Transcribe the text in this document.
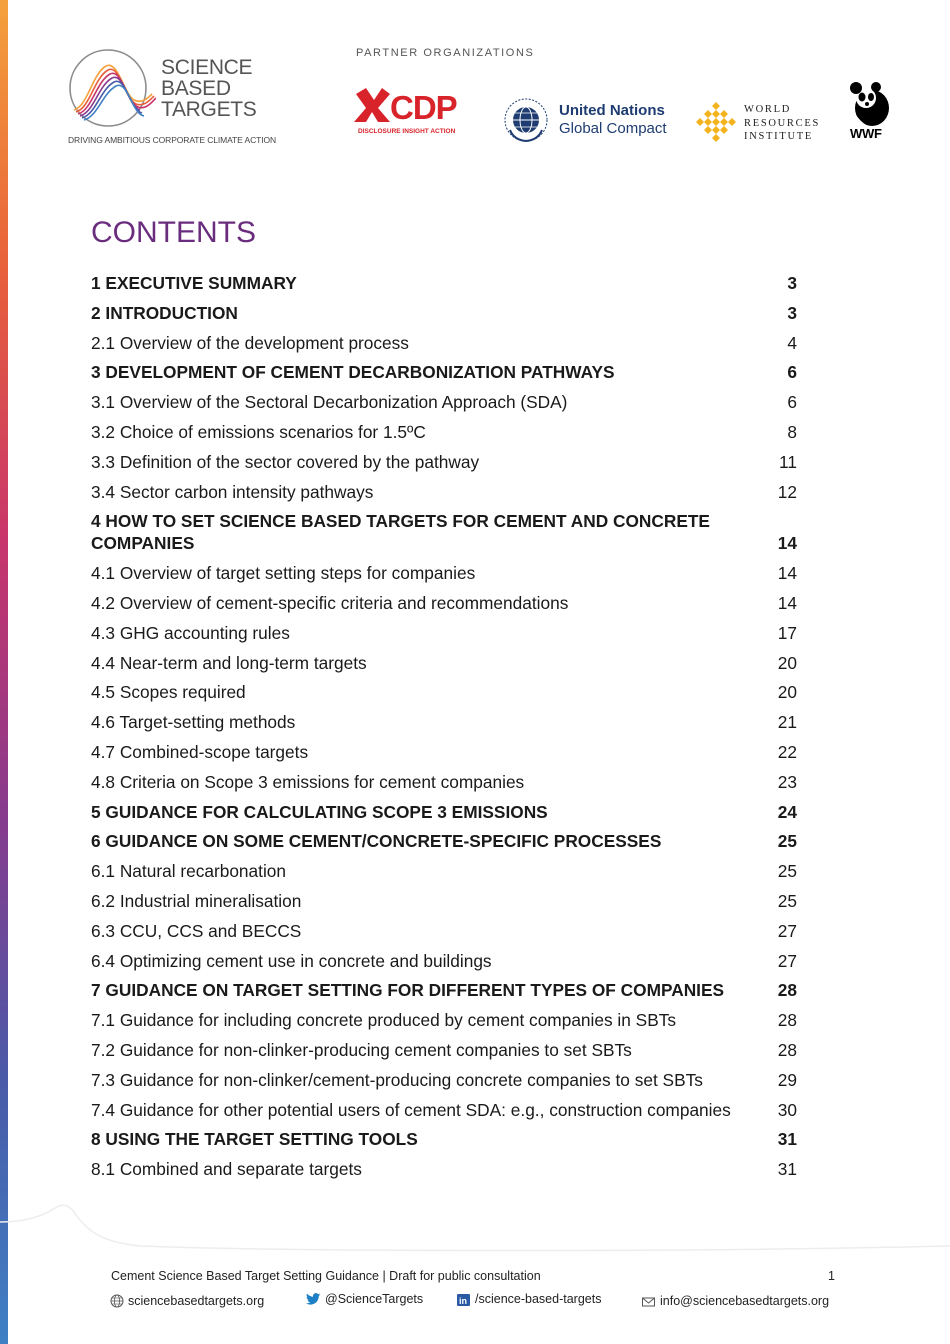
SCIENCE
BASED
TARGETS
DRIVING AMBITIOUS CORPORATE CLIMATE ACTION
PARTNER ORGANIZATIONS
CDP
DISCLOSURE INSIGHT ACTION
United Nations
Global Compact
WORLD
RESOURCES
INSTITUTE	WWF
CONTENTS
1 EXECUTIVE SUMMARY	3
2 INTRODUCTION	3
2.1 Overview of the development process	4
3 DEVELOPMENT OF CEMENT DECARBONIZATION PATHWAYS	6
3.1 Overview of the Sectoral Decarbonization Approach (SDA)	6
3.2 Choice of emissions scenarios for 1.5ºC	8
3.3 Definition of the sector covered by the pathway	11
3.4 Sector carbon intensity pathways	12
4 HOW TO SET SCIENCE BASED TARGETS FOR CEMENT AND CONCRETE COMPANIES	14
4.1 Overview of target setting steps for companies	14
4.2 Overview of cement-specific criteria and recommendations	14
4.3 GHG accounting rules	17
4.4 Near-term and long-term targets	20
4.5 Scopes required	20
4.6 Target-setting methods	21
4.7 Combined-scope targets	22
4.8 Criteria on Scope 3 emissions for cement companies	23
5 GUIDANCE FOR CALCULATING SCOPE 3 EMISSIONS	24
6 GUIDANCE ON SOME CEMENT/CONCRETE-SPECIFIC PROCESSES	25
6.1 Natural recarbonation	25
6.2 Industrial mineralisation	25
6.3 CCU, CCS and BECCS	27
6.4 Optimizing cement use in concrete and buildings	27
7 GUIDANCE ON TARGET SETTING FOR DIFFERENT TYPES OF COMPANIES	28
7.1 Guidance for including concrete produced by cement companies in SBTs	28
7.2 Guidance for non-clinker-producing cement companies to set SBTs	28
7.3 Guidance for non-clinker/cement-producing concrete companies to set SBTs	29
7.4 Guidance for other potential users of cement SDA: e.g., construction companies	30
8 USING THE TARGET SETTING TOOLS	31
8.1 Combined and separate targets	31
Cement Science Based Target Setting Guidance | Draft for public consultation	1
sciencebasedtargets.org	@ScienceTargets	in /science-based-targets	info@sciencebasedtargets.org
